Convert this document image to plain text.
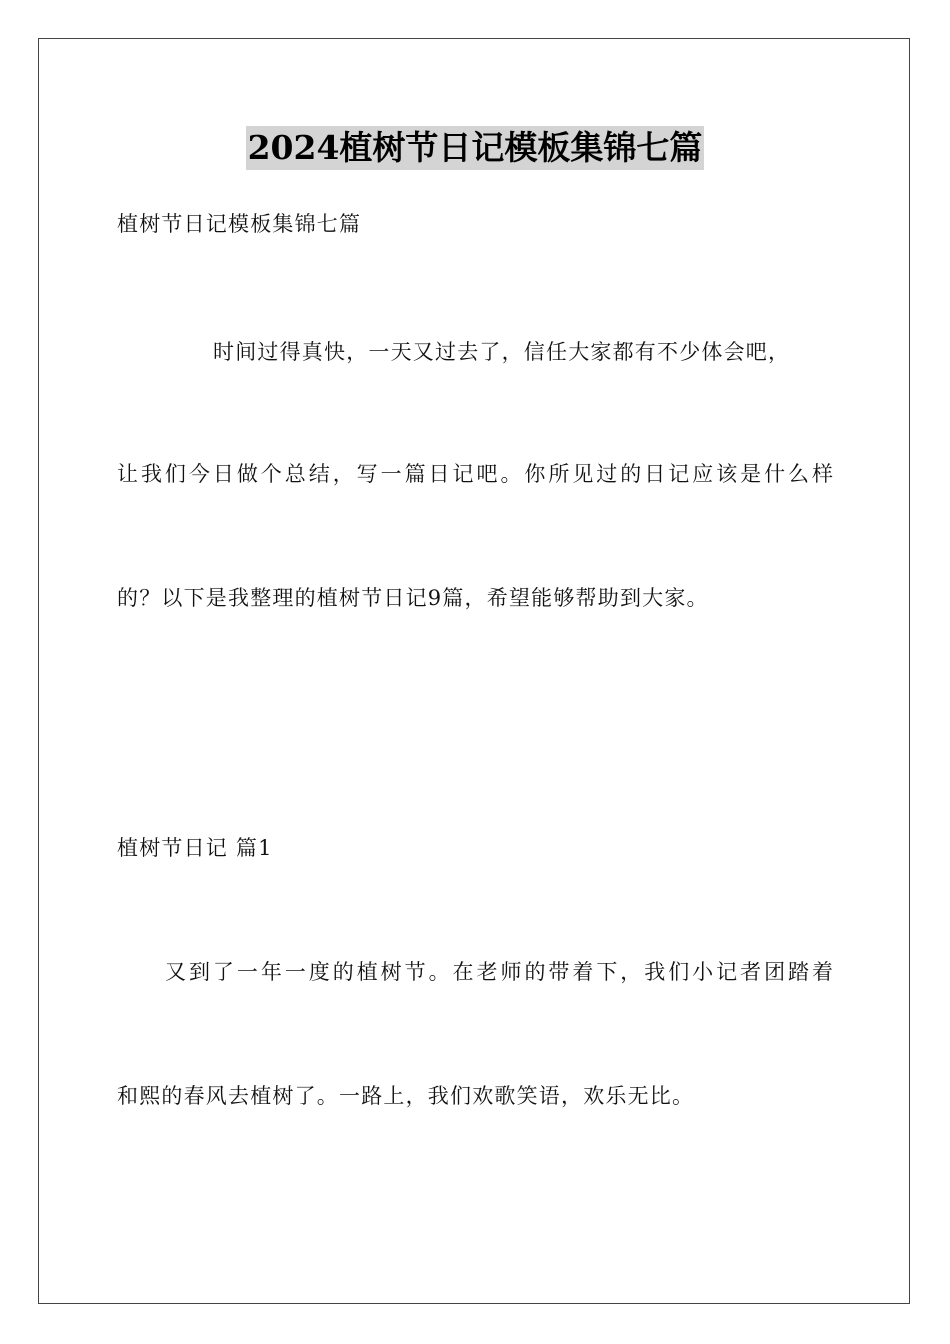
2024植树节日记模板集锦七篇
植树节日记模板集锦七篇
时间过得真快，一天又过去了，信任大家都有不少体会吧，
让我们今日做个总结，写一篇日记吧。你所见过的日记应该是什么样
的？以下是我整理的植树节日记9篇，希望能够帮助到大家。
植树节日记 篇1
又到了一年一度的植树节。在老师的带着下，我们小记者团踏着
和熙的春风去植树了。一路上，我们欢歌笑语，欢乐无比。
